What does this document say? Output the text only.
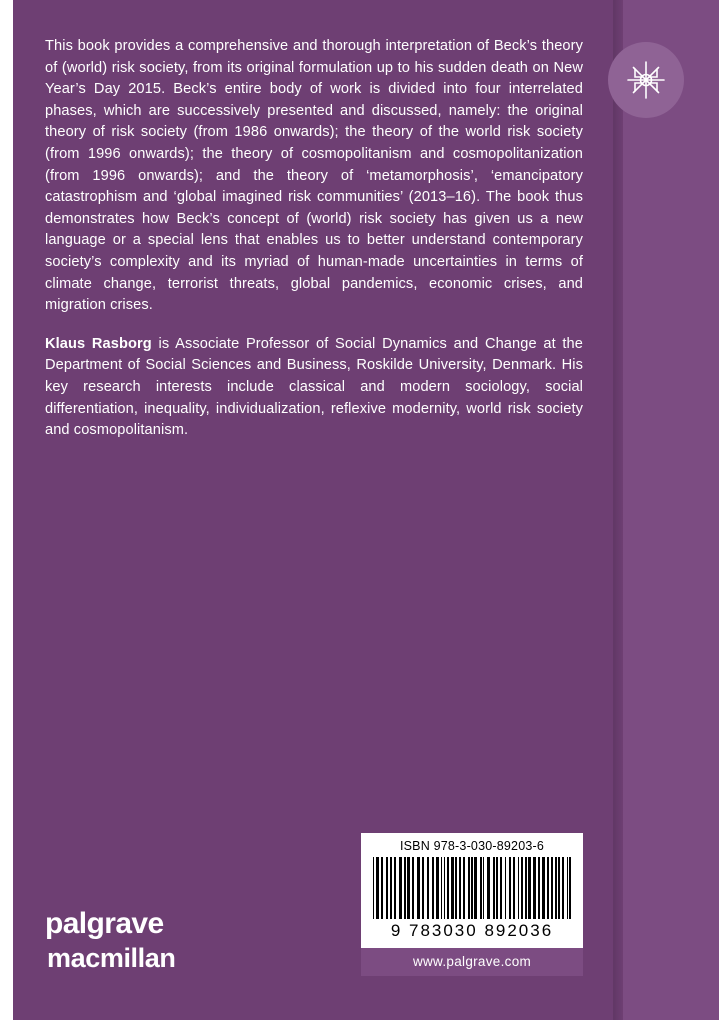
This book provides a comprehensive and thorough interpretation of Beck’s theory of (world) risk society, from its original formulation up to his sudden death on New Year’s Day 2015. Beck’s entire body of work is divided into four interrelated phases, which are successively presented and discussed, namely: the original theory of risk society (from 1986 onwards); the theory of the world risk society (from 1996 onwards); the theory of cosmopolitanism and cosmopolitanization (from 1996 onwards); and the theory of ‘metamorphosis’, ‘emancipatory catastrophism and ‘global imagined risk communities’ (2013–16). The book thus demonstrates how Beck’s concept of (world) risk society has given us a new language or a special lens that enables us to better understand contemporary society’s complexity and its myriad of human-made uncertainties in terms of climate change, terrorist threats, global pandemics, economic crises, and migration crises.

Klaus Rasborg is Associate Professor of Social Dynamics and Change at the Department of Social Sciences and Business, Roskilde University, Denmark. His key research interests include classical and modern sociology, social differentiation, inequality, individualization, reflexive modernity, world risk society and cosmopolitanism.

palgrave
macmillan
ISBN 978-3-030-89203-6
9 783030 892036
www.palgrave.com
